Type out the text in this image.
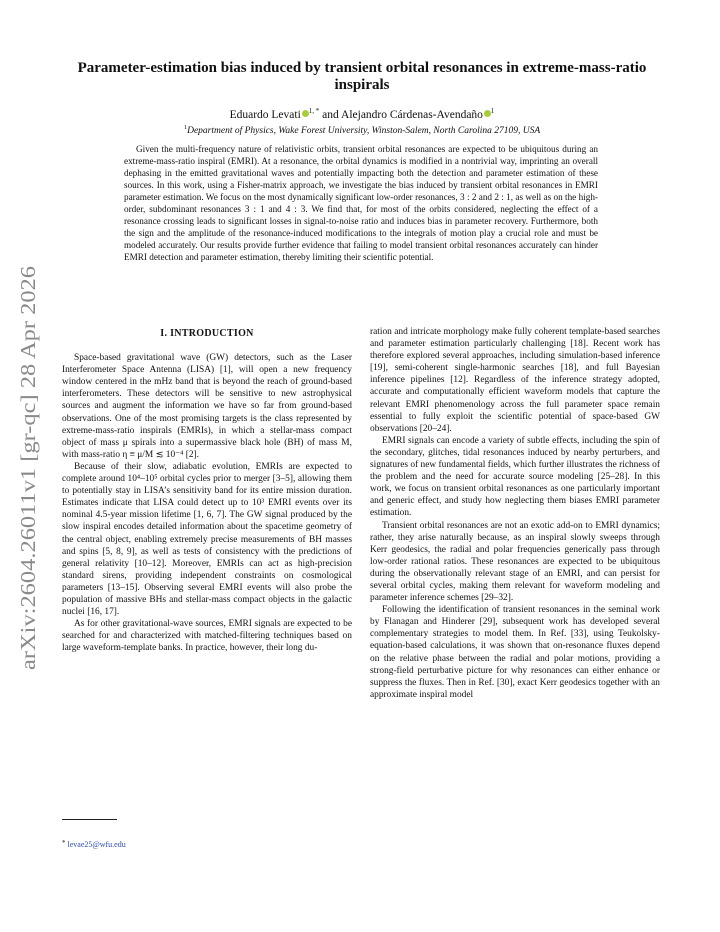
arXiv:2604.26011v1 [gr-qc] 28 Apr 2026
Parameter-estimation bias induced by transient orbital resonances in extreme-mass-ratio inspirals
Eduardo Levati $^{1, *}$ and Alejandro Cárdenas-Avendaño $^1$
$^1$Department of Physics, Wake Forest University, Winston-Salem, North Carolina 27109, USA

Given the multi-frequency nature of relativistic orbits, transient orbital resonances are expected to be ubiquitous during an extreme-mass-ratio inspiral (EMRI). At a resonance, the orbital dynamics is modified in a nontrivial way, imprinting an overall dephasing in the emitted gravitational waves and potentially impacting both the detection and parameter estimation of these sources. In this work, using a Fisher-matrix approach, we investigate the bias induced by transient orbital resonances in EMRI parameter estimation. We focus on the most dynamically significant low-order resonances, 3 : 2 and 2 : 1, as well as on the high-order, subdominant resonances 3 : 1 and 4 : 3. We find that, for most of the orbits considered, neglecting the effect of a resonance crossing leads to significant losses in signal-to-noise ratio and induces bias in parameter recovery. Furthermore, both the sign and the amplitude of the resonance-induced modifications to the integrals of motion play a crucial role and must be modeled accurately. Our results provide further evidence that failing to model transient orbital resonances accurately can hinder EMRI detection and parameter estimation, thereby limiting their scientific potential.

I. INTRODUCTION

Space-based gravitational wave (GW) detectors, such as the Laser Interferometer Space Antenna (LISA) [1], will open a new frequency window centered in the mHz band that is beyond the reach of ground-based interferometers. These detectors will be sensitive to new astrophysical sources and augment the information we have so far from ground-based observations. One of the most promising targets is the class represented by extreme-mass-ratio inspirals (EMRIs), in which a stellar-mass compact object of mass μ spirals into a supermassive black hole (BH) of mass M, with mass-ratio η ≡ μ/M ≲ 10⁻⁴ [2].

Because of their slow, adiabatic evolution, EMRIs are expected to complete around 10⁴–10⁵ orbital cycles prior to merger [3–5], allowing them to potentially stay in LISA’s sensitivity band for its entire mission duration. Estimates indicate that LISA could detect up to 10³ EMRI events over its nominal 4.5-year mission lifetime [1, 6, 7]. The GW signal produced by the slow inspiral encodes detailed information about the spacetime geometry of the central object, enabling extremely precise measurements of BH masses and spins [5, 8, 9], as well as tests of consistency with the predictions of general relativity [10–12]. Moreover, EMRIs can act as high-precision standard sirens, providing independent constraints on cosmological parameters [13–15]. Observing several EMRI events will also probe the population of massive BHs and stellar-mass compact objects in the galactic nuclei [16, 17].

As for other gravitational-wave sources, EMRI signals are expected to be searched for and characterized with matched-filtering techniques based on large waveform-template banks. In practice, however, their long du-

ration and intricate morphology make fully coherent template-based searches and parameter estimation particularly challenging [18]. Recent work has therefore explored several approaches, including simulation-based inference [19], semi-coherent single-harmonic searches [18], and full Bayesian inference pipelines [12]. Regardless of the inference strategy adopted, accurate and computationally efficient waveform models that capture the relevant EMRI phenomenology across the full parameter space remain essential to fully exploit the scientific potential of space-based GW observations [20–24].

EMRI signals can encode a variety of subtle effects, including the spin of the secondary, glitches, tidal resonances induced by nearby perturbers, and signatures of new fundamental fields, which further illustrates the richness of the problem and the need for accurate source modeling [25–28]. In this work, we focus on transient orbital resonances as one particularly important and generic effect, and study how neglecting them biases EMRI parameter estimation.

Transient orbital resonances are not an exotic add-on to EMRI dynamics; rather, they arise naturally because, as an inspiral slowly sweeps through Kerr geodesics, the radial and polar frequencies generically pass through low-order rational ratios. These resonances are expected to be ubiquitous during the observationally relevant stage of an EMRI, and can persist for several orbital cycles, making them relevant for waveform modeling and parameter inference schemes [29–32].

Following the identification of transient resonances in the seminal work by Flanagan and Hinderer [29], subsequent work has developed several complementary strategies to model them. In Ref. [33], using Teukolsky-equation-based calculations, it was shown that on-resonance fluxes depend on the relative phase between the radial and polar motions, providing a strong-field perturbative picture for why resonances can either enhance or suppress the fluxes. Then in Ref. [30], exact Kerr geodesics together with an approximate inspiral model

* levae25@wfu.edu
